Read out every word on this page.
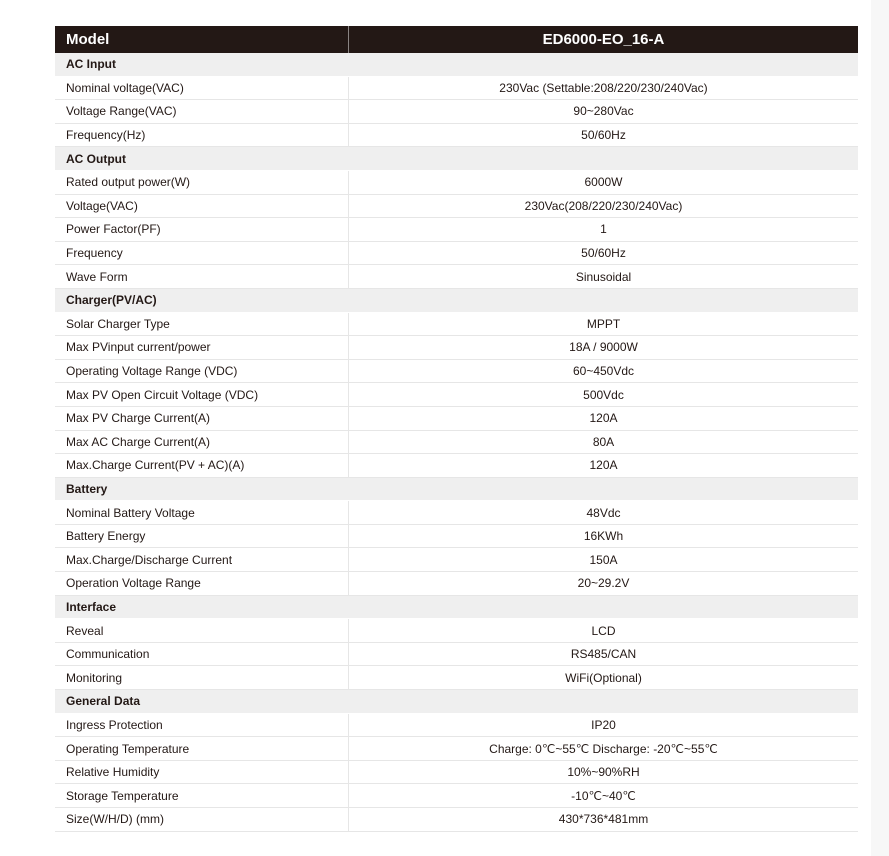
Model	ED6000-EO_16-A
AC Input	
Nominal voltage(VAC)	230Vac (Settable:208/220/230/240Vac)
Voltage Range(VAC)	90~280Vac
Frequency(Hz)	50/60Hz
AC Output	
Rated output power(W)	6000W
Voltage(VAC)	230Vac(208/220/230/240Vac)
Power Factor(PF)	1
Frequency	50/60Hz
Wave Form	Sinusoidal
Charger(PV/AC)	
Solar Charger Type	MPPT
Max PVinput current/power	18A / 9000W
Operating Voltage Range (VDC)	60~450Vdc
Max PV Open Circuit Voltage (VDC)	500Vdc
Max PV Charge Current(A)	120A
Max AC Charge Current(A)	80A
Max.Charge Current(PV + AC)(A)	120A
Battery	
Nominal Battery Voltage	48Vdc
Battery Energy	16KWh
Max.Charge/Discharge Current	150A
Operation Voltage Range	20~29.2V
Interface	
Reveal	LCD
Communication	RS485/CAN
Monitoring	WiFi(Optional)
General Data	
Ingress Protection	IP20
Operating Temperature	Charge: 0℃~55℃ Discharge: -20℃~55℃
Relative Humidity	10%~90%RH
Storage Temperature	-10℃~40℃
Size(W/H/D) (mm)	430*736*481mm
